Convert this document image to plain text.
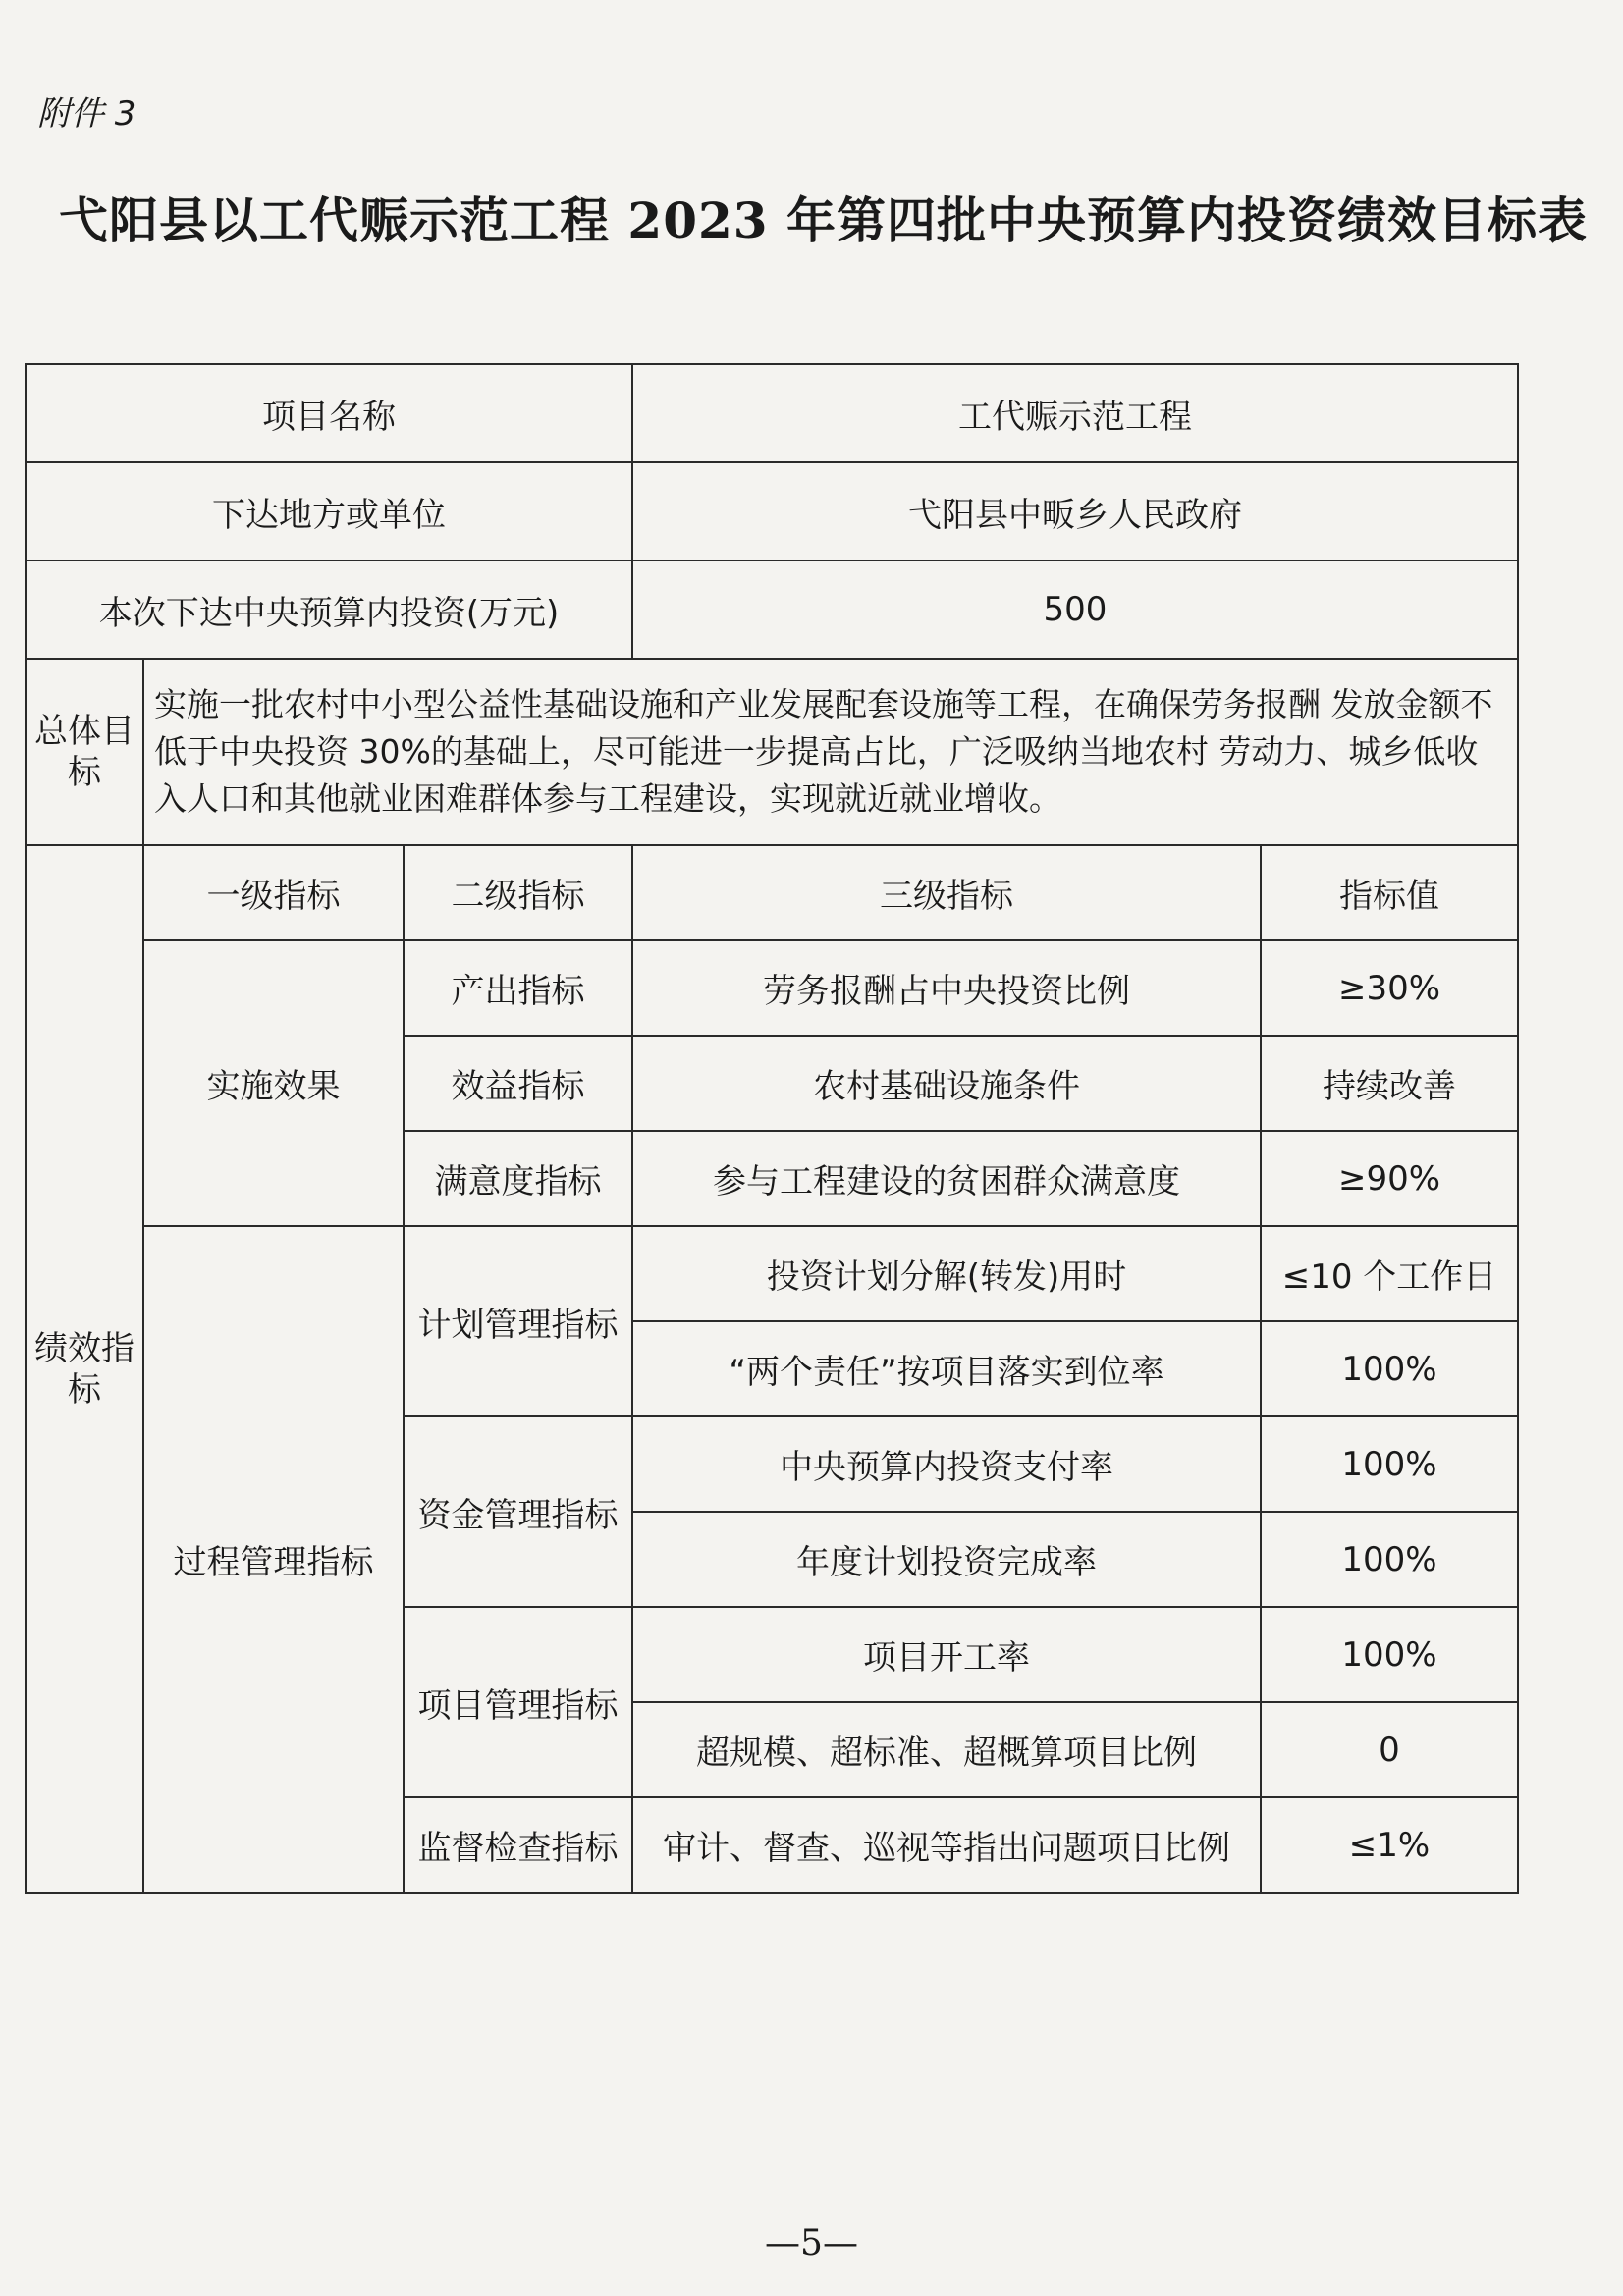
附件 3
弋阳县以工代赈示范工程 2023 年第四批中央预算内投资绩效目标表
项目名称			工代赈示范工程	
下达地方或单位			弋阳县中畈乡人民政府	
本次下达中央预算内投资(万元)			500	
总体目标	实施一批农村中小型公益性基础设施和产业发展配套设施等工程，在确保劳务报酬 发放金额不低于中央投资 30%的基础上，尽可能进一步提高占比，广泛吸纳当地农村 劳动力、城乡低收入人口和其他就业困难群体参与工程建设，实现就近就业增收。			
绩效指标	一级指标	二级指标	三级指标	指标值
	实施效果	产出指标	劳务报酬占中央投资比例	≥30%
		效益指标	农村基础设施条件	持续改善
		满意度指标	参与工程建设的贫困群众满意度	≥90%
	过程管理指标	计划管理指标	投资计划分解(转发)用时	≤10 个工作日
			“两个责任”按项目落实到位率	100%
		资金管理指标	中央预算内投资支付率	100%
			年度计划投资完成率	100%
		项目管理指标	项目开工率	100%
			超规模、超标准、超概算项目比例	0
		监督检查指标	审计、督查、巡视等指出问题项目比例	≤1%
—5—
